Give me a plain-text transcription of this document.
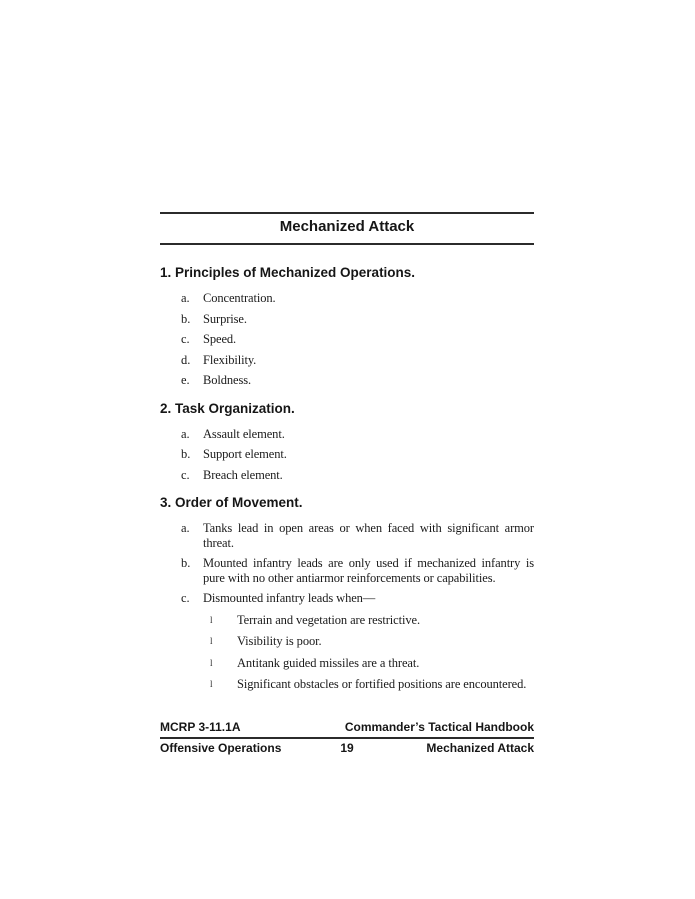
Mechanized Attack
1. Principles of Mechanized Operations.
a.	Concentration.
b.	Surprise.
c.	Speed.
d.	Flexibility.
e.	Boldness.
2. Task Organization.
a.	Assault element.
b.	Support element.
c.	Breach element.
3. Order of Movement.
a.	Tanks lead in open areas or when faced with significant armor threat.
b.	Mounted infantry leads are only used if mechanized infantry is pure with no other antiarmor reinforcements or capabilities.
c.	Dismounted infantry leads when—
l	Terrain and vegetation are restrictive.
l	Visibility is poor.
l	Antitank guided missiles are a threat.
l	Significant obstacles or fortified positions are encountered.
MCRP 3-11.1A	Commander’s Tactical Handbook
Offensive Operations	19	Mechanized Attack
